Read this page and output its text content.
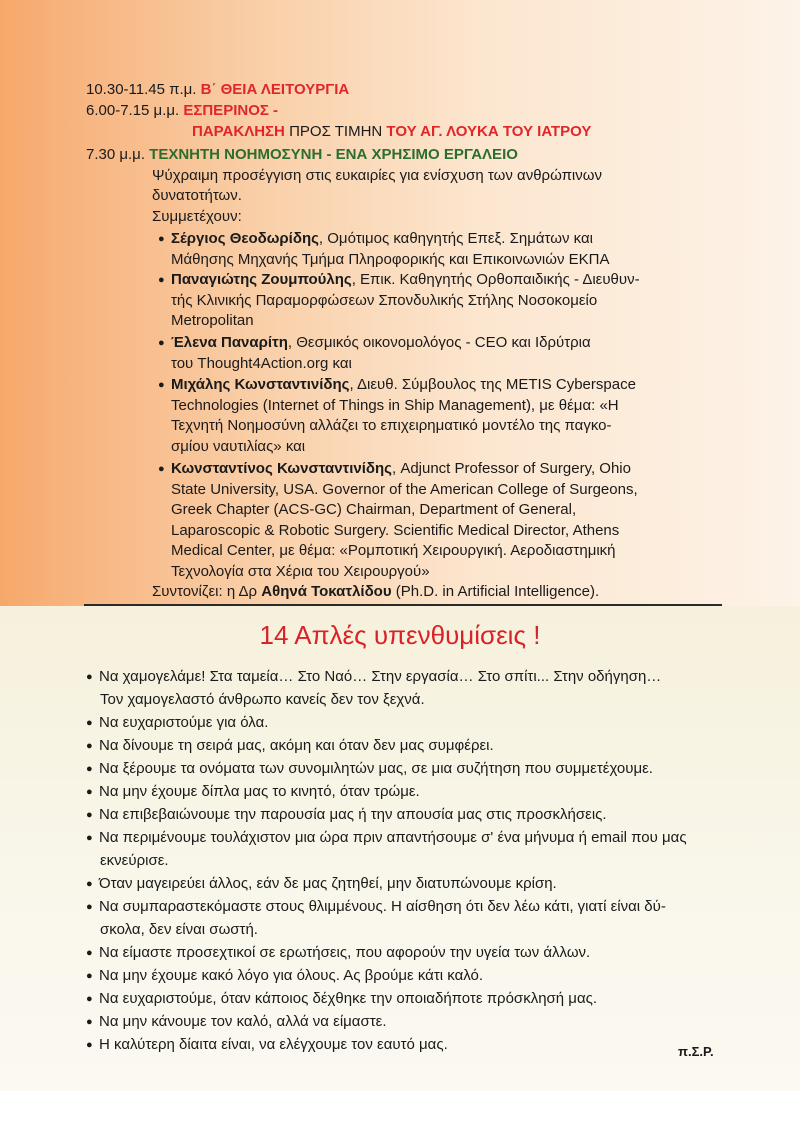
10.30-11.45 π.μ. Β΄ ΘΕΙΑ ΛΕΙΤΟΥΡΓΙΑ
6.00-7.15 μ.μ. ΕΣΠΕΡΙΝΟΣ -
ΠΑΡΑΚΛΗΣΗ ΠΡΟΣ ΤΙΜΗΝ ΤΟΥ ΑΓ. ΛΟΥΚΑ ΤΟΥ ΙΑΤΡΟΥ
7.30 μ.μ. ΤΕΧΝΗΤΗ ΝΟΗΜΟΣΥΝΗ - ΕΝΑ ΧΡΗΣΙΜΟ ΕΡΓΑΛΕΙΟ
Ψύχραιμη προσέγγιση στις ευκαιρίες για ενίσχυση των ανθρώπινων
δυνατοτήτων.
Συμμετέχουν:
● Σέργιος Θεοδωρίδης, Ομότιμος καθηγητής Επεξ. Σημάτων και
Μάθησης Μηχανής Τμήμα Πληροφορικής και Επικοινωνιών ΕΚΠΑ
● Παναγιώτης Ζουμπούλης, Επικ. Καθηγητής Ορθοπαιδικής - Διευθυν-
τής Κλινικής Παραμορφώσεων Σπονδυλικής Στήλης Νοσοκομείο
Metropolitan
● Έλενα Παναρίτη, Θεσμικός οικονομολόγος - CEO και Ιδρύτρια
του Thought4Action.org και
● Μιχάλης Κωνσταντινίδης, Διευθ. Σύμβουλος της METIS Cyberspace
Technologies (Internet of Things in Ship Management), με θέμα: «Η
Τεχνητή Νοημοσύνη αλλάζει το επιχειρηματικό μοντέλο της παγκο-
σμίου ναυτιλίας» και
● Κωνσταντίνος Κωνσταντινίδης, Adjunct Professor of Surgery, Ohio
State University, USA. Governor of the American College of Surgeons,
Greek Chapter (ACS-GC) Chairman, Department of General,
Laparoscopic & Robotic Surgery. Scientific Medical Director, Athens
Medical Center, με θέμα: «Ρομποτική Χειρουργική. Αεροδιαστημική
Τεχνολογία στα Χέρια του Χειρουργού»
Συντονίζει: η Δρ Αθηνά Τοκατλίδου (Ph.D. in Artificial Intelligence).
14 Απλές υπενθυμίσεις !
● Να χαμογελάμε! Στα ταμεία… Στο Ναό… Στην εργασία… Στο σπίτι... Στην οδήγηση…
Τον χαμογελαστό άνθρωπο κανείς δεν τον ξεχνά.
● Να ευχαριστούμε για όλα.
● Να δίνουμε τη σειρά μας, ακόμη και όταν δεν μας συμφέρει.
● Να ξέρουμε τα ονόματα των συνομιλητών μας, σε μια συζήτηση που συμμετέχουμε.
● Να μην έχουμε δίπλα μας το κινητό, όταν τρώμε.
● Να επιβεβαιώνουμε την παρουσία μας ή την απουσία μας στις προσκλήσεις.
● Να περιμένουμε τουλάχιστον μια ώρα πριν απαντήσουμε σ' ένα μήνυμα ή email που μας
εκνεύρισε.
● Όταν μαγειρεύει άλλος, εάν δε μας ζητηθεί, μην διατυπώνουμε κρίση.
● Να συμπαραστεκόμαστε στους θλιμμένους. Η αίσθηση ότι δεν λέω κάτι, γιατί είναι δύ-
σκολα, δεν είναι σωστή.
● Να είμαστε προσεχτικοί σε ερωτήσεις, που αφορούν την υγεία των άλλων.
● Να μην έχουμε κακό λόγο για όλους. Ας βρούμε κάτι καλό.
● Να ευχαριστούμε, όταν κάποιος δέχθηκε την οποιαδήποτε πρόσκλησή μας.
● Να μην κάνουμε τον καλό, αλλά να είμαστε.
● Η καλύτερη δίαιτα είναι, να ελέγχουμε τον εαυτό μας.	π.Σ.Ρ.
